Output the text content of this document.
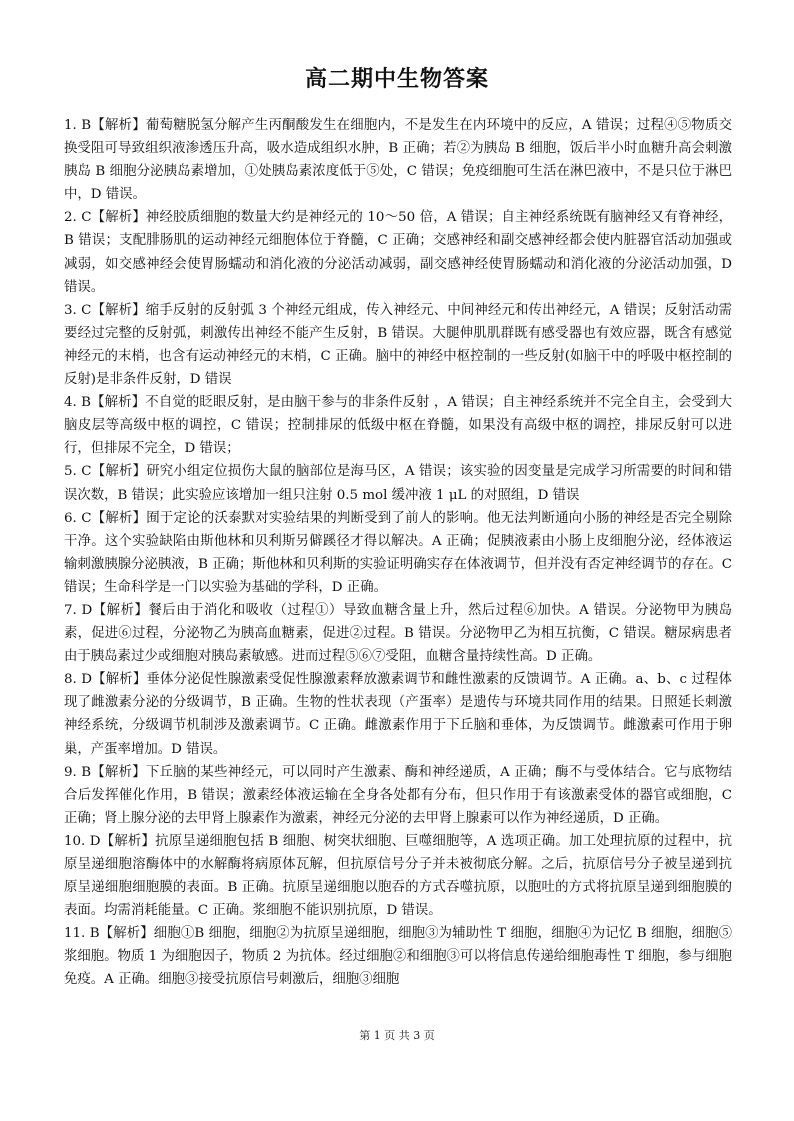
高二期中生物答案

1. B【解析】葡萄糖脱氢分解产生丙酮酸发生在细胞内，不是发生在内环境中的反应，A 错误；过程④⑤物质交换受阻可导致组织液渗透压升高，吸水造成组织水肿，B 正确；若②为胰岛 B 细胞，饭后半小时血糖升高会刺激胰岛 B 细胞分泌胰岛素增加，①处胰岛素浓度低于⑤处，C 错误；免疫细胞可生活在淋巴液中，不是只位于淋巴中，D 错误。

2. C【解析】神经胶质细胞的数量大约是神经元的 10～50 倍，A 错误；自主神经系统既有脑神经又有脊神经，B 错误；支配腓肠肌的运动神经元细胞体位于脊髓，C 正确；交感神经和副交感神经都会使内脏器官活动加强或减弱，如交感神经会使胃肠蠕动和消化液的分泌活动减弱，副交感神经使胃肠蠕动和消化液的分泌活动加强，D 错误。

3. C【解析】缩手反射的反射弧 3 个神经元组成，传入神经元、中间神经元和传出神经元，A 错误；反射活动需要经过完整的反射弧，刺激传出神经不能产生反射，B 错误。大腿伸肌肌群既有感受器也有效应器，既含有感觉神经元的末梢，也含有运动神经元的末梢，C 正确。脑中的神经中枢控制的一些反射(如脑干中的呼吸中枢控制的反射)是非条件反射，D 错误

4. B【解析】不自觉的眨眼反射，是由脑干参与的非条件反射 ，A 错误；自主神经系统并不完全自主，会受到大脑皮层等高级中枢的调控，C 错误；控制排尿的低级中枢在脊髓，如果没有高级中枢的调控，排尿反射可以进行，但排尿不完全，D 错误；

5. C【解析】研究小组定位损伤大鼠的脑部位是海马区，A 错误；该实验的因变量是完成学习所需要的时间和错误次数，B 错误；此实验应该增加一组只注射 0.5 mol 缓冲液 1 μL 的对照组，D 错误

6. C【解析】囿于定论的沃泰默对实验结果的判断受到了前人的影响。他无法判断通向小肠的神经是否完全剔除干净。这个实验缺陷由斯他林和贝利斯另僻蹊径才得以解决。A 正确；促胰液素由小肠上皮细胞分泌，经体液运输刺激胰腺分泌胰液，B 正确；斯他林和贝利斯的实验证明确实存在体液调节，但并没有否定神经调节的存在。C 错误；生命科学是一门以实验为基础的学科，D 正确。

7. D【解析】餐后由于消化和吸收（过程①）导致血糖含量上升，然后过程⑥加快。A 错误。分泌物甲为胰岛素，促进⑥过程，分泌物乙为胰高血糖素，促进②过程。B 错误。分泌物甲乙为相互抗衡，C 错误。糖尿病患者由于胰岛素过少或细胞对胰岛素敏感。进而过程⑤⑥⑦受阻，血糖含量持续性高。D 正确。

8. D【解析】垂体分泌促性腺激素受促性腺激素释放激素调节和雌性激素的反馈调节。A 正确。a、b、c 过程体现了雌激素分泌的分级调节，B 正确。生物的性状表现（产蛋率）是遗传与环境共同作用的结果。日照延长刺激神经系统，分级调节机制涉及激素调节。C 正确。雌激素作用于下丘脑和垂体，为反馈调节。雌激素可作用于卵巢，产蛋率增加。D 错误。

9. B【解析】下丘脑的某些神经元，可以同时产生激素、酶和神经递质，A 正确；酶不与受体结合。它与底物结合后发挥催化作用，B 错误；激素经体液运输在全身各处都有分布，但只作用于有该激素受体的器官或细胞，C 正确；肾上腺分泌的去甲肾上腺素作为激素，神经元分泌的去甲肾上腺素可以作为神经递质，D 正确。

10. D【解析】抗原呈递细胞包括 B 细胞、树突状细胞、巨噬细胞等，A 选项正确。加工处理抗原的过程中，抗原呈递细胞溶酶体中的水解酶将病原体瓦解，但抗原信号分子并未被彻底分解。之后，抗原信号分子被呈递到抗原呈递细胞细胞膜的表面。B 正确。抗原呈递细胞以胞吞的方式吞噬抗原，以胞吐的方式将抗原呈递到细胞膜的表面。均需消耗能量。C 正确。浆细胞不能识别抗原，D 错误。

11. B【解析】细胞①B 细胞，细胞②为抗原呈递细胞，细胞③为辅助性 T 细胞，细胞④为记忆 B 细胞，细胞⑤浆细胞。物质 1 为细胞因子，物质 2 为抗体。经过细胞②和细胞③可以将信息传递给细胞毒性 T 细胞，参与细胞免疫。A 正确。细胞③接受抗原信号刺激后，细胞③细胞

第 1 页 共 3 页
